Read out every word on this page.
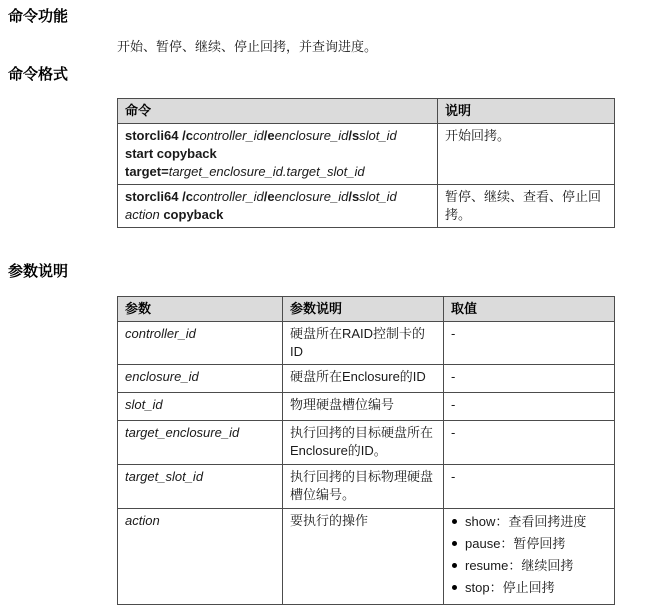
命令功能

开始、暂停、继续、停止回拷，并查询进度。

命令格式
命令	说明
storcli64 /ccontroller_id/eenclosure_id/sslot_id
start copyback
target=target_enclosure_id.target_slot_id	开始回拷。
storcli64 /ccontroller_id/eenclosure_id/sslot_id
action copyback	暂停、继续、查看、停止回拷。
参数说明
参数	参数说明	取值
controller_id	硬盘所在RAID控制卡的ID	-
enclosure_id	硬盘所在Enclosure的ID	-
slot_id	物理硬盘槽位编号	-
target_enclosure_id	执行回拷的目标硬盘所在Enclosure的ID。	-
target_slot_id	执行回拷的目标物理硬盘槽位编号。	-
action	要执行的操作	show：查看回拷进度
pause：暂停回拷
resume：继续回拷
stop：停止回拷
